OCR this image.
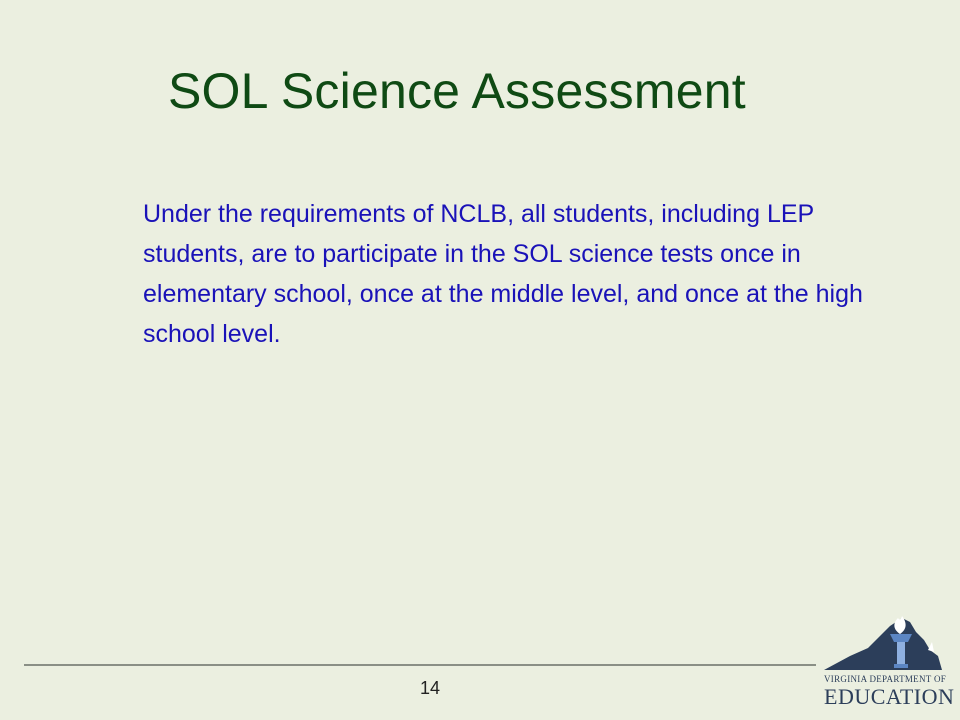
SOL Science Assessment
Under the requirements of NCLB, all students, including LEP students, are to participate in the SOL science tests once in elementary school, once at the middle level, and once at the high school level.
14	VIRGINIA DEPARTMENT OF
EDUCATION
